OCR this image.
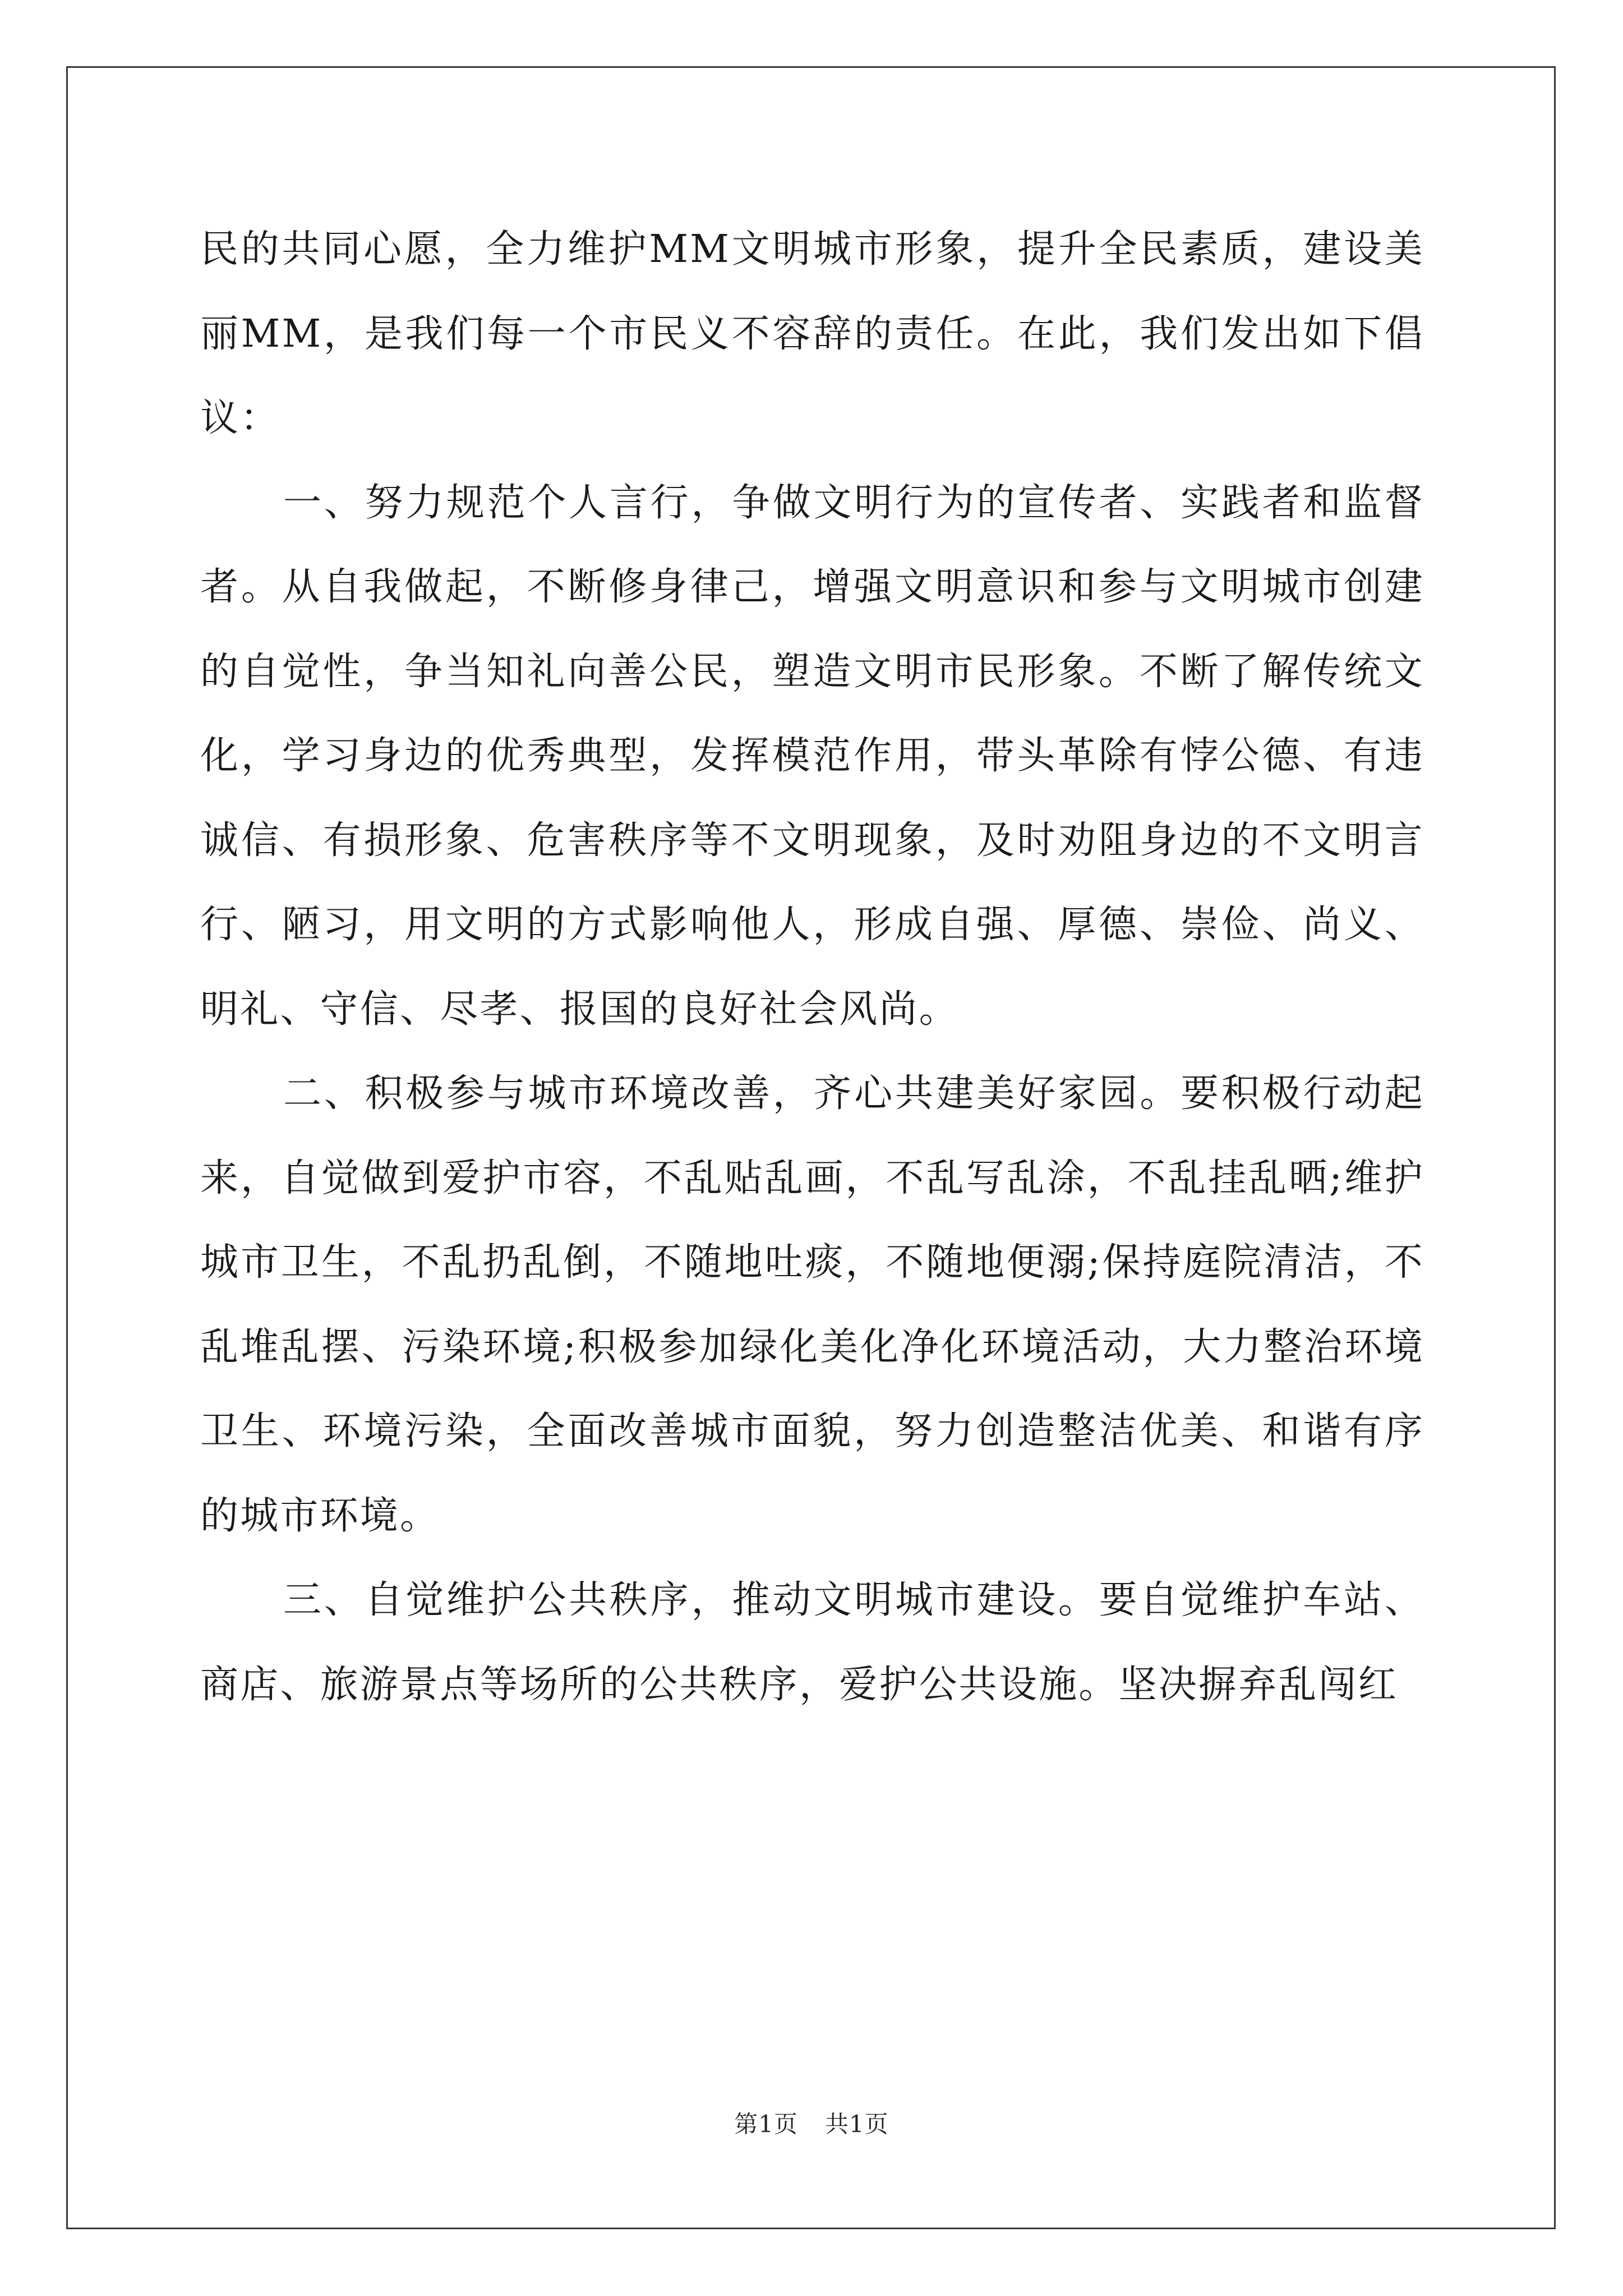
民的共同心愿，全力维护MM文明城市形象，提升全民素质，建设美丽MM，是我们每一个市民义不容辞的责任。在此，我们发出如下倡议：

一、努力规范个人言行，争做文明行为的宣传者、实践者和监督者。从自我做起，不断修身律己，增强文明意识和参与文明城市创建的自觉性，争当知礼向善公民，塑造文明市民形象。不断了解传统文化，学习身边的优秀典型，发挥模范作用，带头革除有悖公德、有违诚信、有损形象、危害秩序等不文明现象，及时劝阻身边的不文明言行、陋习，用文明的方式影响他人，形成自强、厚德、崇俭、尚义、明礼、守信、尽孝、报国的良好社会风尚。

二、积极参与城市环境改善，齐心共建美好家园。要积极行动起来，自觉做到爱护市容，不乱贴乱画，不乱写乱涂，不乱挂乱晒;维护城市卫生，不乱扔乱倒，不随地吐痰，不随地便溺;保持庭院清洁，不乱堆乱摆、污染环境;积极参加绿化美化净化环境活动，大力整治环境卫生、环境污染，全面改善城市面貌，努力创造整洁优美、和谐有序的城市环境。

三、自觉维护公共秩序，推动文明城市建设。要自觉维护车站、商店、旅游景点等场所的公共秩序，爱护公共设施。坚决摒弃乱闯红

第1页 共1页
